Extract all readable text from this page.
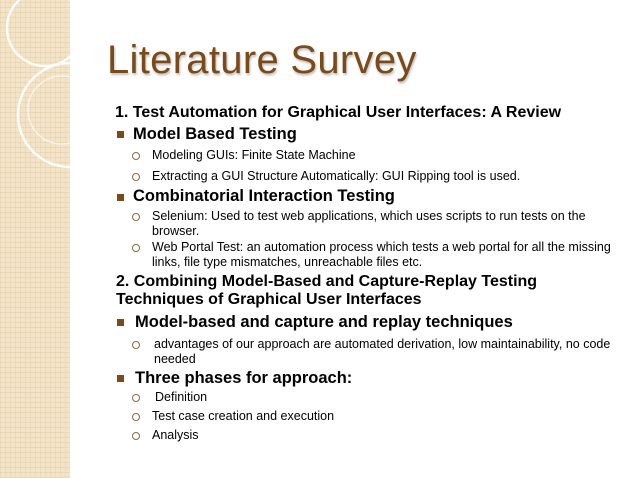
Literature Survey
1. Test Automation for Graphical User Interfaces: A Review
Model Based Testing
Modeling GUIs: Finite State Machine
Extracting a GUI Structure Automatically: GUI Ripping tool is used.
Combinatorial Interaction Testing
Selenium: Used to test web applications, which uses scripts to run tests on the browser.
Web Portal Test: an automation process which tests a web portal for all the missing links, file type mismatches, unreachable files etc.
2. Combining Model-Based and Capture-Replay Testing
Techniques of Graphical User Interfaces
Model-based and capture and replay techniques
advantages of our approach are automated derivation, low maintainability, no code needed
Three phases for approach:
Definition
Test case creation and execution
Analysis
